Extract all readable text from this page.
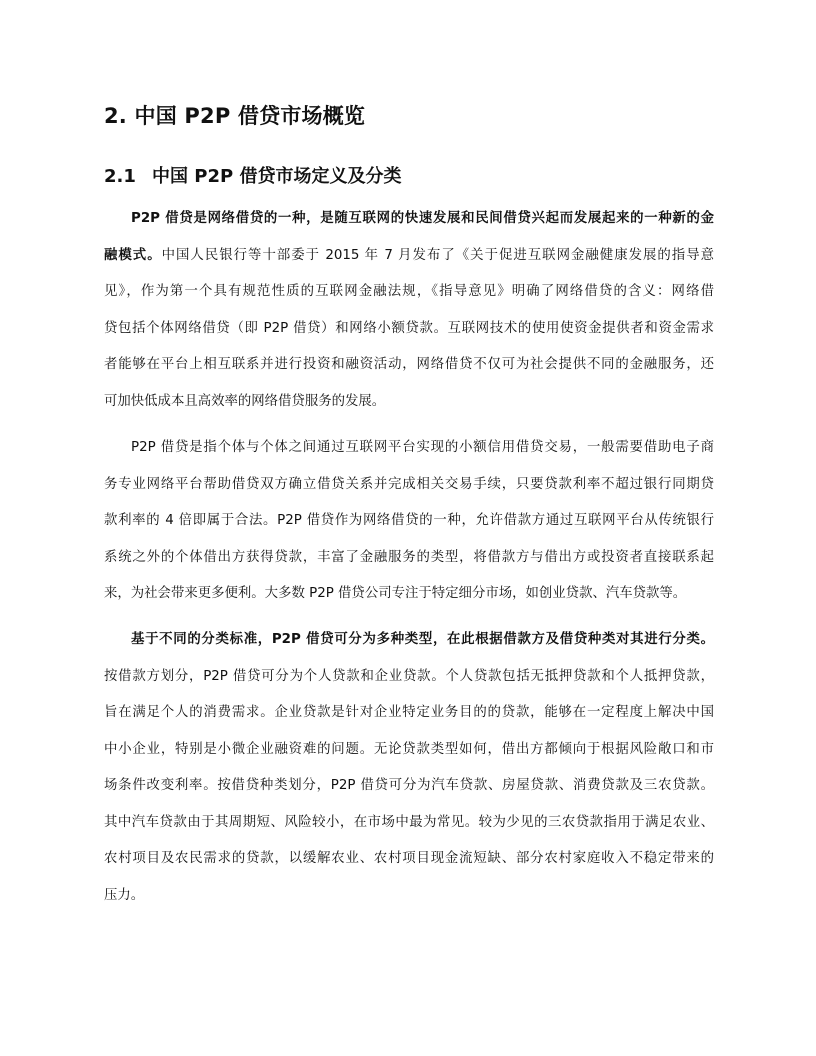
2. 中国 P2P 借贷市场概览
2.1 中国 P2P 借贷市场定义及分类
P2P 借贷是网络借贷的一种，是随互联网的快速发展和民间借贷兴起而发展起来的一种新的金
融模式。中国人民银行等十部委于 2015 年 7 月发布了《关于促进互联网金融健康发展的指导意
见》，作为第一个具有规范性质的互联网金融法规，《指导意见》明确了网络借贷的含义：网络借
贷包括个体网络借贷（即 P2P 借贷）和网络小额贷款。互联网技术的使用使资金提供者和资金需求
者能够在平台上相互联系并进行投资和融资活动，网络借贷不仅可为社会提供不同的金融服务，还
可加快低成本且高效率的网络借贷服务的发展。
P2P 借贷是指个体与个体之间通过互联网平台实现的小额信用借贷交易，一般需要借助电子商
务专业网络平台帮助借贷双方确立借贷关系并完成相关交易手续，只要贷款利率不超过银行同期贷
款利率的 4 倍即属于合法。P2P 借贷作为网络借贷的一种，允许借款方通过互联网平台从传统银行
系统之外的个体借出方获得贷款，丰富了金融服务的类型，将借款方与借出方或投资者直接联系起
来，为社会带来更多便利。大多数 P2P 借贷公司专注于特定细分市场，如创业贷款、汽车贷款等。
基于不同的分类标准，P2P 借贷可分为多种类型，在此根据借款方及借贷种类对其进行分类。
按借款方划分，P2P 借贷可分为个人贷款和企业贷款。个人贷款包括无抵押贷款和个人抵押贷款，
旨在满足个人的消费需求。企业贷款是针对企业特定业务目的的贷款，能够在一定程度上解决中国
中小企业，特别是小微企业融资难的问题。无论贷款类型如何，借出方都倾向于根据风险敞口和市
场条件改变利率。按借贷种类划分，P2P 借贷可分为汽车贷款、房屋贷款、消费贷款及三农贷款。
其中汽车贷款由于其周期短、风险较小，在市场中最为常见。较为少见的三农贷款指用于满足农业、
农村项目及农民需求的贷款，以缓解农业、农村项目现金流短缺、部分农村家庭收入不稳定带来的
压力。
